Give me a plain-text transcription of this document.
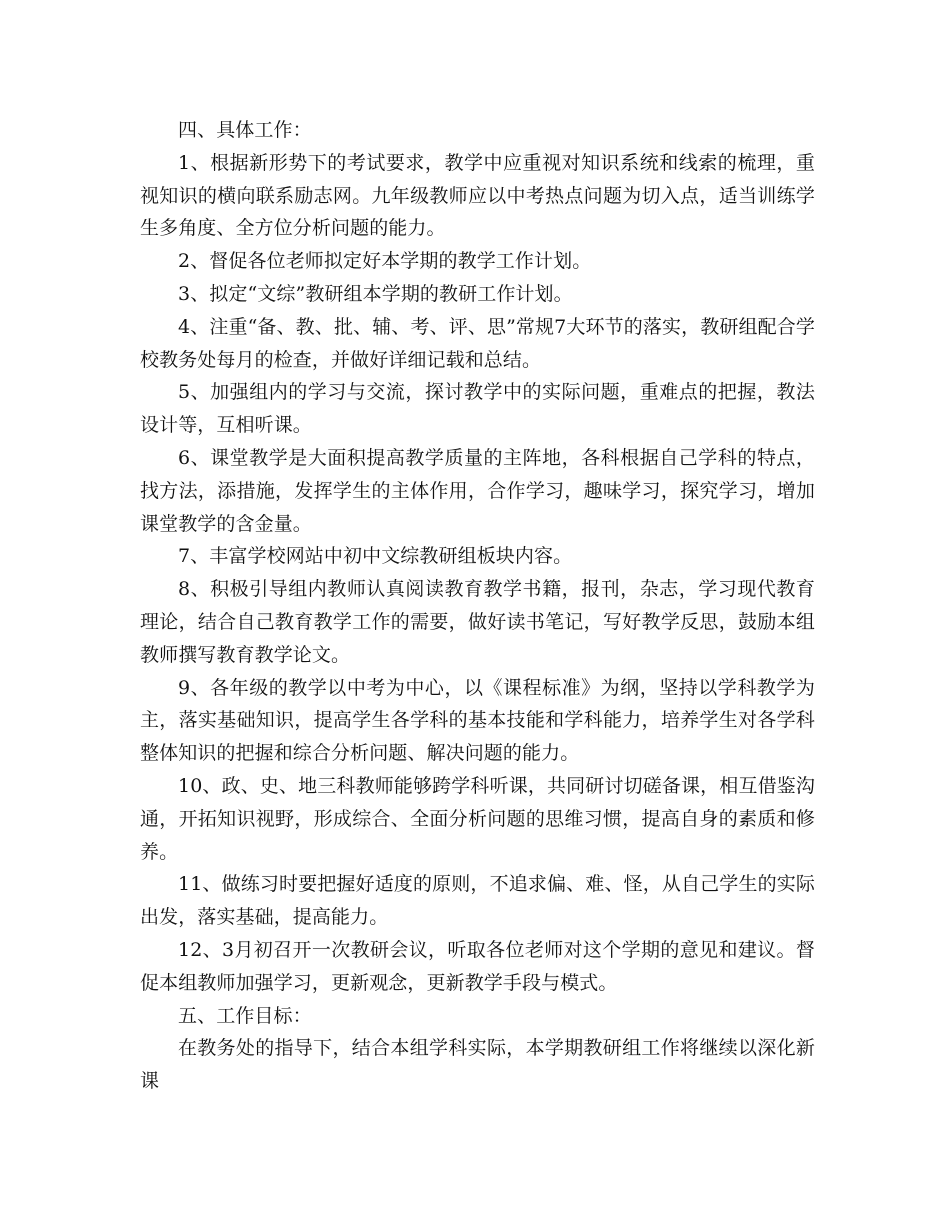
四、具体工作：

1、根据新形势下的考试要求，教学中应重视对知识系统和线索的梳理，重视知识的横向联系励志网。九年级教师应以中考热点问题为切入点，适当训练学生多角度、全方位分析问题的能力。

2、督促各位老师拟定好本学期的教学工作计划。

3、拟定“文综”教研组本学期的教研工作计划。

4、注重“备、教、批、辅、考、评、思”常规7大环节的落实，教研组配合学校教务处每月的检查，并做好详细记载和总结。

5、加强组内的学习与交流，探讨教学中的实际问题，重难点的把握，教法设计等，互相听课。

6、课堂教学是大面积提高教学质量的主阵地，各科根据自己学科的特点，找方法，添措施，发挥学生的主体作用，合作学习，趣味学习，探究学习，增加课堂教学的含金量。

7、丰富学校网站中初中文综教研组板块内容。

8、积极引导组内教师认真阅读教育教学书籍，报刊，杂志，学习现代教育理论，结合自己教育教学工作的需要，做好读书笔记，写好教学反思，鼓励本组教师撰写教育教学论文。

9、各年级的教学以中考为中心，以《课程标准》为纲，坚持以学科教学为主，落实基础知识，提高学生各学科的基本技能和学科能力，培养学生对各学科整体知识的把握和综合分析问题、解决问题的能力。

10、政、史、地三科教师能够跨学科听课，共同研讨切磋备课，相互借鉴沟通，开拓知识视野，形成综合、全面分析问题的思维习惯，提高自身的素质和修养。

11、做练习时要把握好适度的原则，不追求偏、难、怪，从自己学生的实际出发，落实基础，提高能力。

12、3月初召开一次教研会议，听取各位老师对这个学期的意见和建议。督促本组教师加强学习，更新观念，更新教学手段与模式。

五、工作目标：

在教务处的指导下，结合本组学科实际，本学期教研组工作将继续以深化新课
